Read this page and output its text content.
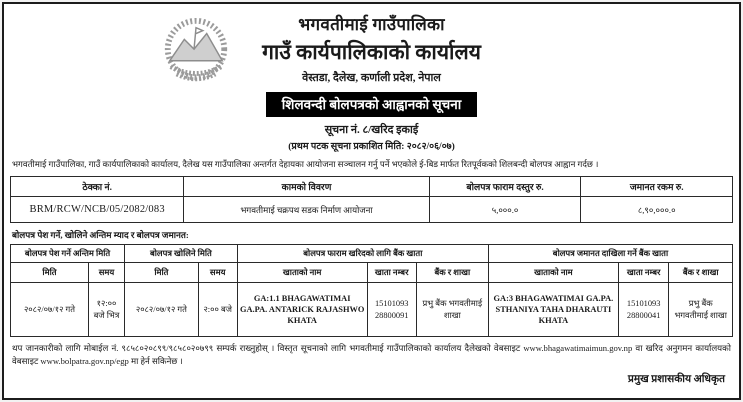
भगवतीमाई गाउँपालिका
गाउँ कार्यपालिकाको कार्यालय
वेस्तडा, दैलेख, कर्णाली प्रदेश, नेपाल
शिलवन्दी बोलपत्रको आह्वानको सूचना
सूचना नं. ८/खरिद इकाई
(प्रथम पटक सूचना प्रकाशित मिति: २०८२/०६/०७)

भगवतीमाई गाउँपालिका, गाउँ कार्यपालिकाको कार्यालय, दैलेख यस गाउँपालिका अन्तर्गत देहायका आयोजना सञ्चालन गर्नु पर्ने भएकोले ई-बिड मार्फत रितपूर्वकको शिलबन्दी बोलपत्र आह्वान गर्दछ ।

ठेक्का नं.	कामको विवरण	बोलपत्र फाराम दस्तुर रु.	जमानत रकम रु.
BRM/RCW/NCB/05/2082/083	भगवतीमाई चक्रपथ सडक निर्माण आयोजना	५,०००.०	८,९०,०००.०
बोलपत्र पेश गर्ने, खोलिने अन्तिम म्याद र बोलपत्र जमानत:
बोलपत्र पेश गर्ने अन्तिम मिति		बोलपत्र खोलिने मिति		बोलपत्र फाराम खरिदको लागि बैंक खाता			बोलपत्र जमानत दाखिला गर्ने बैंक खाता		
मिति	समय	मिति	समय	खाताको नाम	खाता नम्बर	बैंक र शाखा	खाताको नाम	खाता नम्बर	बैंक र शाखा
२०८२/०७/१२ गते	१२:०० बजे भित्र	२०८२/०७/१२ गते	२:०० बजे	GA:1.1 BHAGAWATIMAI GA.PA. ANTARICK RAJASHWO KHATA	15101093 28800091	प्रभु बैंक भगवतीमाई शाखा	GA:3 BHAGAWATIMAI GA.PA. STHANIYA TAHA DHARAUTI KHATA	15101093 28800041	प्रभु बैंक भगवतीमाई शाखा

थप जानकारीको लागि मोबाईल नं. ९८५८०२०८९९/९८५८०२०७९९ सम्पर्क राख्नुहोस् । विस्तृत सूचनाको लागि भगवतीमाई गाउँपालिकाको कार्यालय दैलेखको वेबसाइट www.bhagawatimaimun.gov.np वा खरिद अनुगमन कार्यालयको वेबसाइट www.bolpatra.gov.np/egp मा हेर्न सकिनेछ ।

प्रमुख प्रशासकीय अधिकृत
